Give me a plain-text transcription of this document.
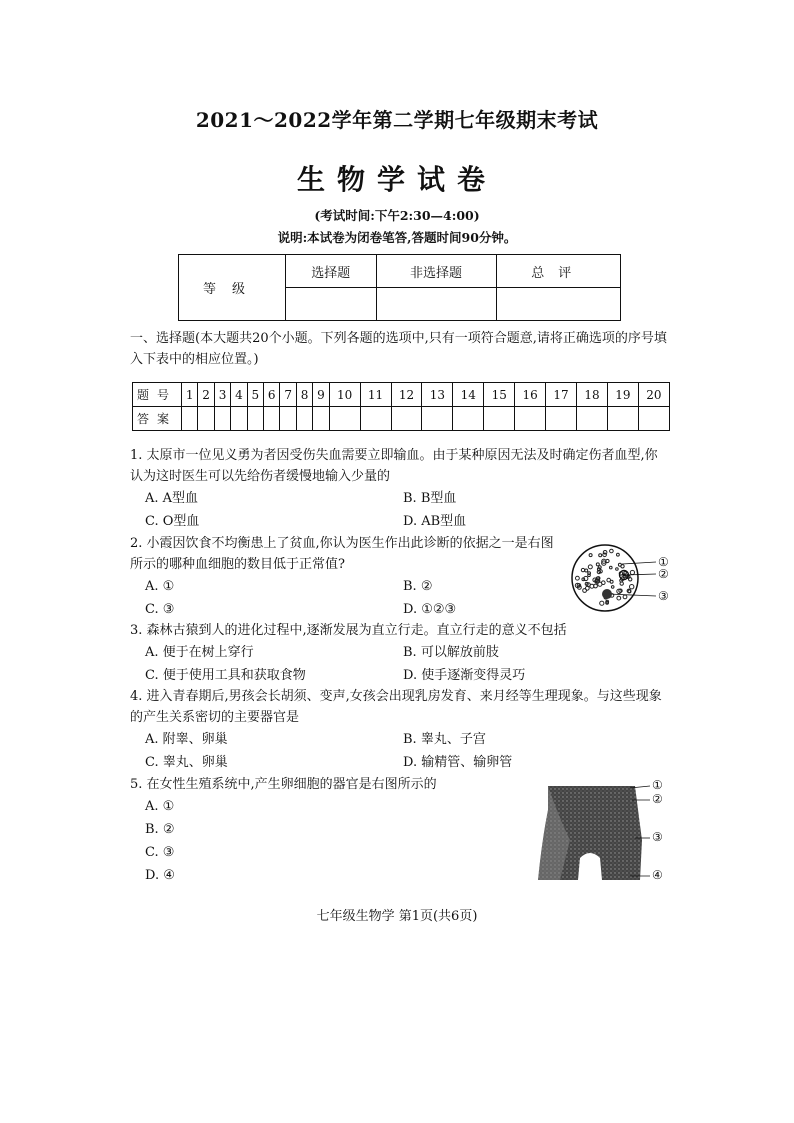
2021～2022学年第二学期七年级期末考试
生物学试卷
(考试时间:下午2:30—4:00)
说明:本试卷为闭卷笔答,答题时间90分钟。
等级	选择题	非选择题	总评

一、选择题(本大题共20个小题。下列各题的选项中,只有一项符合题意,请将正确选项的序号填入下表中的相应位置。)
题号	1	2	3	4	5	6	7	8	9	10	11	12	13	14	15	16	17	18	19	20
答案																				
1. 太原市一位见义勇为者因受伤失血需要立即输血。由于某种原因无法及时确定伤者血型,你认为这时医生可以先给伤者缓慢地输入少量的
A. A型血	B. B型血
C. O型血	D. AB型血
2. 小霞因饮食不均衡患上了贫血,你认为医生作出此诊断的依据之一是右图所示的哪种血细胞的数目低于正常值?
A. ①	B. ②
C. ③	D. ①②③
①
②
③
3. 森林古猿到人的进化过程中,逐渐发展为直立行走。直立行走的意义不包括
A. 便于在树上穿行	B. 可以解放前肢
C. 便于使用工具和获取食物	D. 使手逐渐变得灵巧
4. 进入青春期后,男孩会长胡须、变声,女孩会出现乳房发育、来月经等生理现象。与这些现象的产生关系密切的主要器官是
A. 附睾、卵巢	B. 睾丸、子宫
C. 睾丸、卵巢	D. 输精管、输卵管
5. 在女性生殖系统中,产生卵细胞的器官是右图所示的
A. ①
B. ②
C. ③
D. ④
①
②
③
④
七年级生物学 第1页(共6页)
